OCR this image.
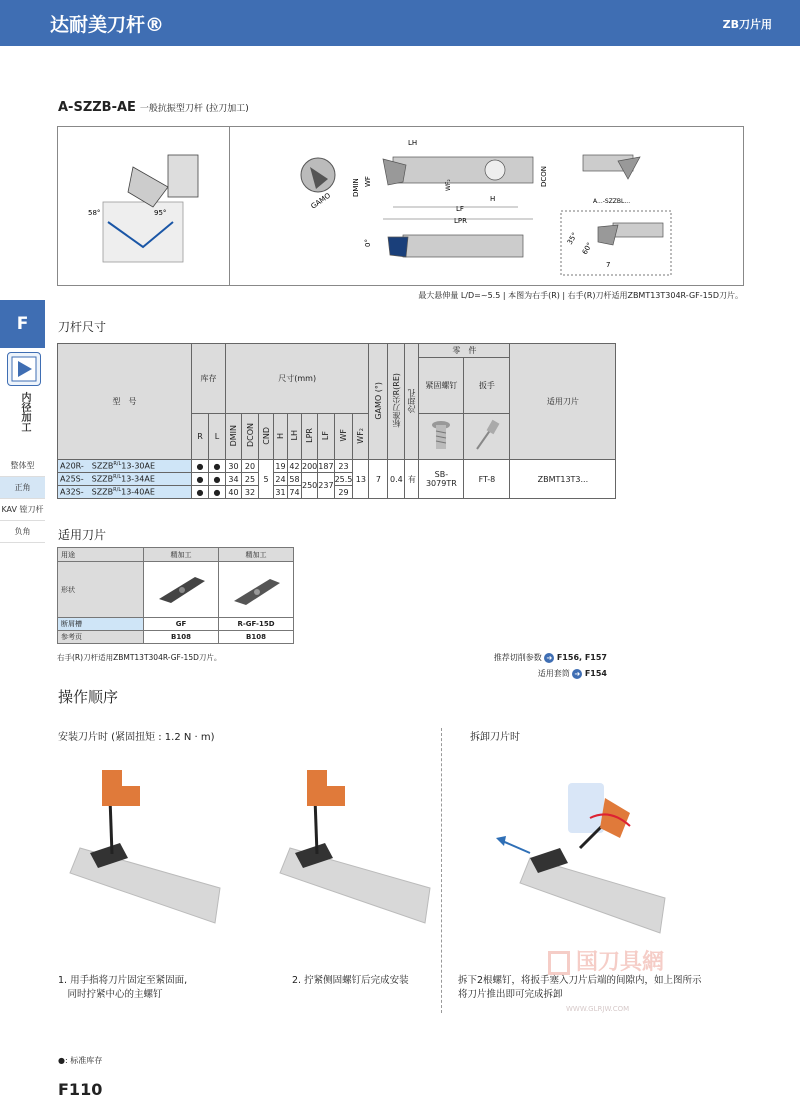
达耐美刀杆®	ZB刀片用
F
内径加工
整体型
正角
KAV 镗刀杆
负角
A-SZZB-AE 一般抗振型刀杆 (拉刀加工)
58°	95°
GAMO
DMIN WF
LH
WF₂
H
LF
LPR
DCON
0°
A...-SZZBL...
35°
60°
7
最大悬伸量 L/D=~5.5 | 本图为右手(R) | 右手(R)刀杆适用ZBMT13T304R-GF-15D刀片。
刀杆尺寸
型　号	库存		尺寸(mm)									GAMO (°)	标准刀尖R(RE)	冷却孔	零　件		适用刀片

															紧固螺钉	扳手	

	R	L	DMIN	DCON	CND	H	LH	LPR	LF	WF	WF₂		
A20R-  $SZZB^{R/L}13-30AE$	●	●	30	20	5	19	42	200	187	23	13	7	0.4	有	SB-3079TR	FT-8	ZBMT13T3...
A25S-  $SZZB^{R/L}13-34AE$	●	●	34	25		24	58	250	237	25.5							
A32S-  $SZZB^{R/L}13-40AE$	●	●	40	32		31	74			29							
适用刀片
用途	精加工	精加工
形状		
断屑槽	GF	R-GF-15D
参考页	B108	B108
右手(R)刀杆适用ZBMT13T304R-GF-15D刀片。	推荐切削参数 ➜ F156, F157
适用套筒 ➜ F154
操作顺序
安装刀片时 (紧固扭矩 : 1.2 N · m)	拆卸刀片时
1. 用手指将刀片固定至紧固面,
　同时拧紧中心的主螺钉
2. 拧紧侧固螺钉后完成安装	拆下2根螺钉，将扳手塞入刀片后端的间隙内，如上图所示
将刀片推出即可完成拆卸
国刀具網
WWW.GLRJW.COM
●: 标准库存
F110
